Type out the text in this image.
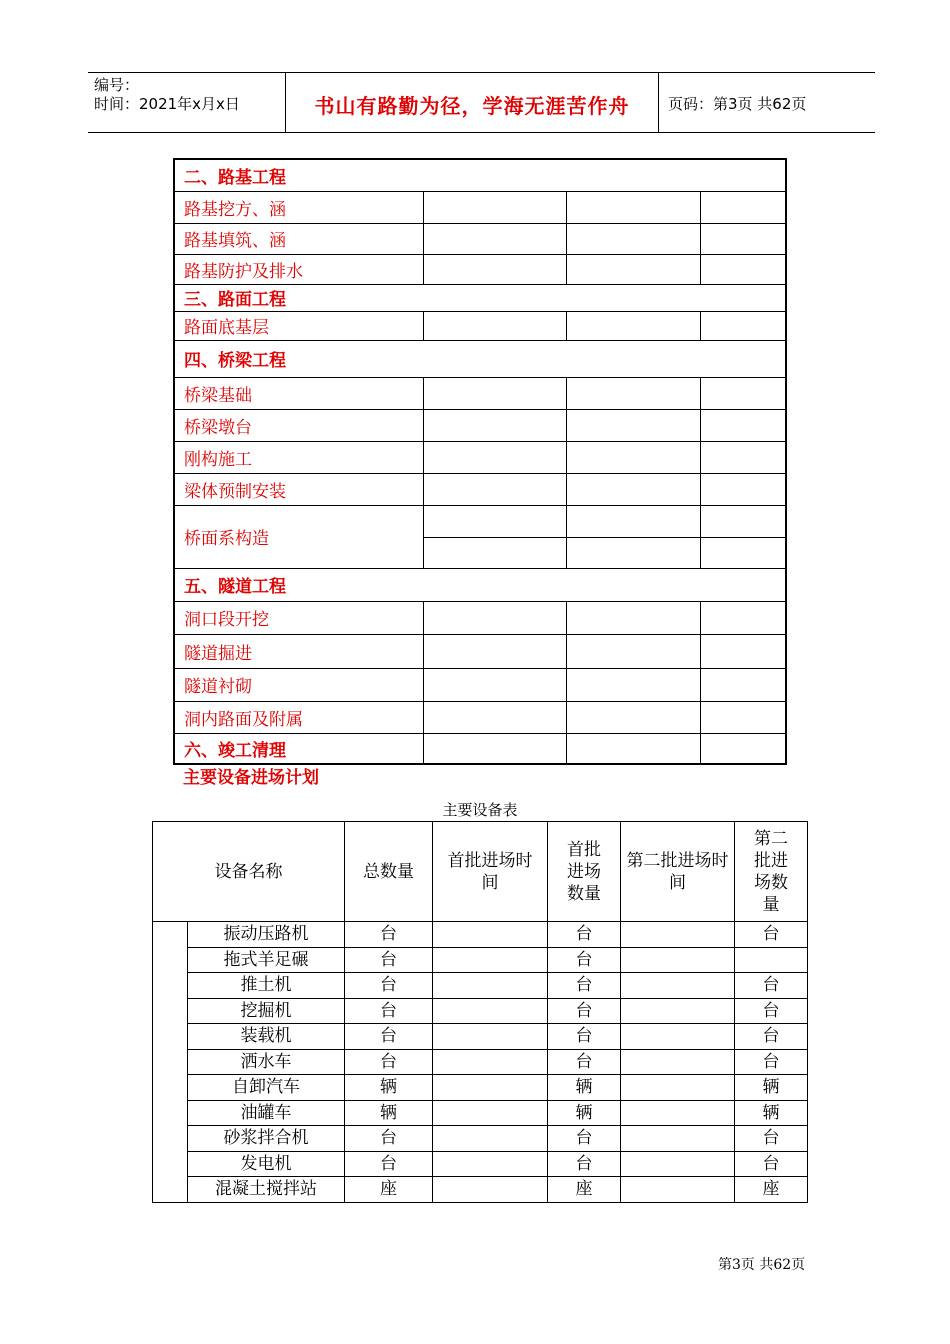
编号：
时间：2021年x月x日	书山有路勤为径，学海无涯苦作舟	页码：第3页 共62页
二、路基工程			
路基挖方、涵			
路基填筑、涵			
路基防护及排水			
三、路面工程			
路面底基层			
四、桥梁工程			
桥梁基础			
桥梁墩台			
刚构施工			
梁体预制安装			
桥面系构造			

五、隧道工程			
洞口段开挖			
隧道掘进			
隧道衬砌			
洞内路面及附属			
六、竣工清理			
主要设备进场计划
主要设备表
设备名称		总数量	首批进场时间	首批进场数量	第二批进场时间	第二批进场数量
	振动压路机	台		台		台
	拖式羊足碾	台		台		
	推土机	台		台		台
	挖掘机	台		台		台
	装载机	台		台		台
	洒水车	台		台		台
	自卸汽车	辆		辆		辆
	油罐车	辆		辆		辆
	砂浆拌合机	台		台		台
	发电机	台		台		台
	混凝土搅拌站	座		座		座
第3页 共62页
